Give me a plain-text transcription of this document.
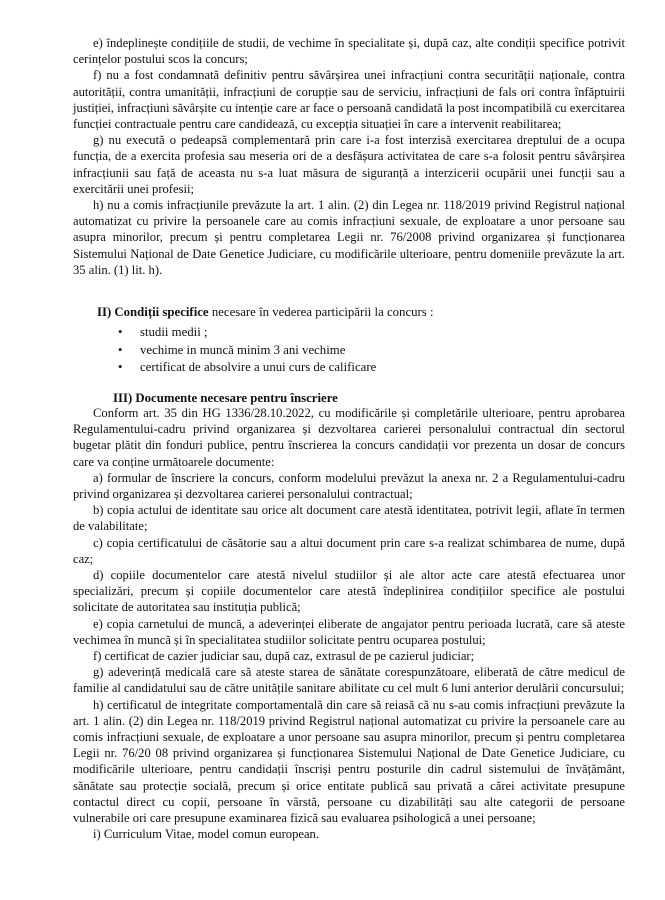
e) îndeplinește condițiile de studii, de vechime în specialitate și, după caz, alte condiții specifice potrivit cerințelor postului scos la concurs;

f) nu a fost condamnată definitiv pentru săvârșirea unei infracțiuni contra securității naționale, contra autorității, contra umanității, infracțiuni de corupție sau de serviciu, infracțiuni de fals ori contra înfăptuirii justiției, infracțiuni săvârșite cu intenție care ar face o persoană candidată la post incompatibilă cu exercitarea funcției contractuale pentru care candidează, cu excepția situației în care a intervenit reabilitarea;

g) nu execută o pedeapsă complementară prin care i-a fost interzisă exercitarea dreptului de a ocupa funcția, de a exercita profesia sau meseria ori de a desfășura activitatea de care s-a folosit pentru săvârșirea infracțiunii sau față de aceasta nu s-a luat măsura de siguranță a interzicerii ocupării unei funcții sau a exercitării unei profesii;

h) nu a comis infracțiunile prevăzute la art. 1 alin. (2) din Legea nr. 118/2019 privind Registrul național automatizat cu privire la persoanele care au comis infracțiuni sexuale, de exploatare a unor persoane sau asupra minorilor, precum și pentru completarea Legii nr. 76/2008 privind organizarea și funcționarea Sistemului Național de Date Genetice Judiciare, cu modificările ulterioare, pentru domeniile prevăzute la art. 35 alin. (1) lit. h).

II) Condiții specifice necesare în vederea participării la concurs :
• studii medii ;
• vechime in muncă minim 3 ani vechime
• certificat de absolvire a unui curs de calificare
III) Documente necesare pentru înscriere

Conform art. 35 din HG 1336/28.10.2022, cu modificările și completările ulterioare, pentru aprobarea Regulamentului-cadru privind organizarea și dezvoltarea carierei personalului contractual din sectorul bugetar plătit din fonduri publice, pentru înscrierea la concurs candidații vor prezenta un dosar de concurs care va conține următoarele documente:

a) formular de înscriere la concurs, conform modelului prevăzut la anexa nr. 2 a Regulamentului-cadru privind organizarea și dezvoltarea carierei personalului contractual;

b) copia actului de identitate sau orice alt document care atestă identitatea, potrivit legii, aflate în termen de valabilitate;

c) copia certificatului de căsătorie sau a altui document prin care s-a realizat schimbarea de nume, după caz;

d) copiile documentelor care atestă nivelul studiilor și ale altor acte care atestă efectuarea unor specializări, precum și copiile documentelor care atestă îndeplinirea condițiilor specifice ale postului solicitate de autoritatea sau instituția publică;

e) copia carnetului de muncă, a adeverinței eliberate de angajator pentru perioada lucrată, care să ateste vechimea în muncă și în specialitatea studiilor solicitate pentru ocuparea postului;

f) certificat de cazier judiciar sau, după caz, extrasul de pe cazierul judiciar;

g) adeverință medicală care să ateste starea de sănătate corespunzătoare, eliberată de către medicul de familie al candidatului sau de către unitățile sanitare abilitate cu cel mult 6 luni anterior derulării concursului;

h) certificatul de integritate comportamentală din care să reiasă că nu s-au comis infracțiuni prevăzute la art. 1 alin. (2) din Legea nr. 118/2019 privind Registrul național automatizat cu privire la persoanele care au comis infracțiuni sexuale, de exploatare a unor persoane sau asupra minorilor, precum și pentru completarea Legii nr. 76/20 08 privind organizarea și funcționarea Sistemului Național de Date Genetice Judiciare, cu modificările ulterioare, pentru candidații înscriși pentru posturile din cadrul sistemului de învățământ, sănătate sau protecție socială, precum și orice entitate publică sau privată a cărei activitate presupune contactul direct cu copii, persoane în vârstă, persoane cu dizabilități sau alte categorii de persoane vulnerabile ori care presupune examinarea fizică sau evaluarea psihologică a unei persoane;

i) Curriculum Vitae, model comun european.
